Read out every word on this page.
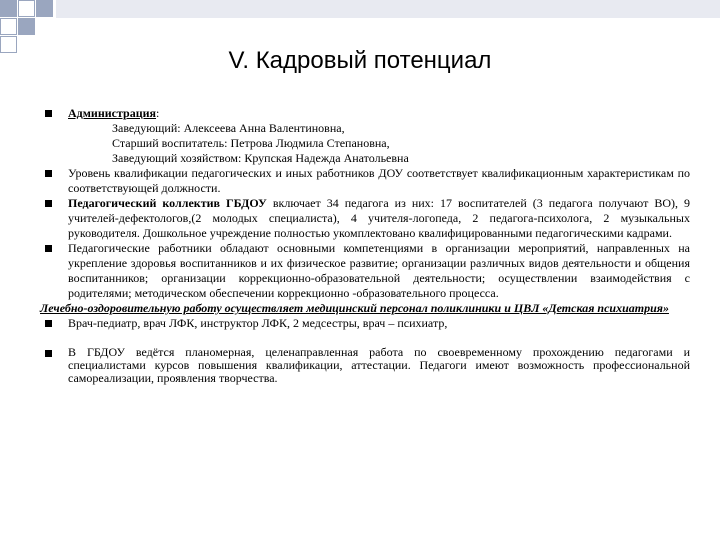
V. Кадровый потенциал

Администрация:
Заведующий: Алексеева Анна Валентиновна,
Старший воспитатель: Петрова Людмила Степановна,
Заведующий хозяйством: Крупская Надежда Анатольевна

Уровень квалификации педагогических и иных работников ДОУ соответствует квалификационным характеристикам по соответствующей должности.

Педагогический коллектив ГБДОУ включает 34 педагога из них: 17 воспитателей (3 педагога получают ВО), 9 учителей-дефектологов,(2 молодых специалиста), 4 учителя-логопеда, 2 педагога-психолога, 2 музыкальных руководителя. Дошкольное учреждение полностью укомплектовано квалифицированными педагогическими кадрами.

Педагогические работники обладают основными компетенциями в организации мероприятий, направленных на укрепление здоровья воспитанников и их физическое развитие; организации различных видов деятельности и общения воспитанников; организации коррекционно-образовательной деятельности; осуществлении взаимодействия с родителями; методическом обеспечении коррекционно -образовательного процесса.

Лечебно-оздоровительную работу осуществляет медицинский персонал поликлиники и ЦВЛ «Детская психиатрия»

Врач-педиатр, врач ЛФК, инструктор ЛФК, 2 медсестры, врач – психиатр,

В ГБДОУ ведётся планомерная, целенаправленная работа по своевременному прохождению педагогами и специалистами курсов повышения квалификации, аттестации. Педагоги имеют возможность профессиональной самореализации, проявления творчества.
